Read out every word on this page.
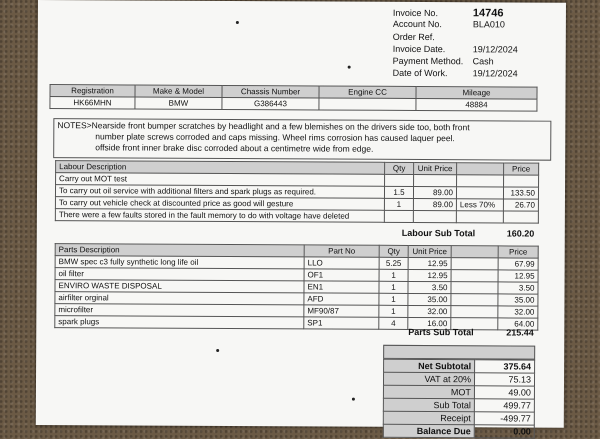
Invoice No.	14746
Account No.	BLA010
Order Ref.
Invoice Date.	19/12/2024
Payment Method. Cash
Date of Work.	19/12/2024
Registration	Make & Model	Chassis Number	Engine CC	Mileage
HK66MHN	BMW	G386443		48884
NOTES>Nearside front bumper scratches by headlight and a few blemishes on the drivers side too, both front
number plate screws corroded and caps missing. Wheel rims corrosion has caused laquer peel.
offside front inner brake disc corroded about a centimetre wide from edge.
Labour Description	Qty	Unit Price		Price
Carry out MOT test				
To carry out oil service with additional filters and spark plugs as required.	1.5	89.00		133.50
To carry out vehicle check at discounted price as good will gesture	1	89.00	Less 70%	26.70
There were a few faults stored in the fault memory to do with voltage have deleted				
Labour Sub Total	160.20
Parts Description	Part No	Qty	Unit Price		Price
BMW spec c3 fully synthetic long life oil	LLO	5.25	12.95		67.99
oil filter	OF1	1	12.95		12.95
ENVIRO WASTE DISPOSAL	EN1	1	3.50		3.50
airfilter orginal	AFD	1	35.00		35.00
microfilter	MF90/87	1	32.00		32.00
spark plugs	SP1	4	16.00		64.00
Parts Sub Total	215.44
Net Subtotal	375.64
VAT at 20%	75.13
MOT	49.00
Sub Total	499.77
Receipt	-499.77
Balance Due	0.00
